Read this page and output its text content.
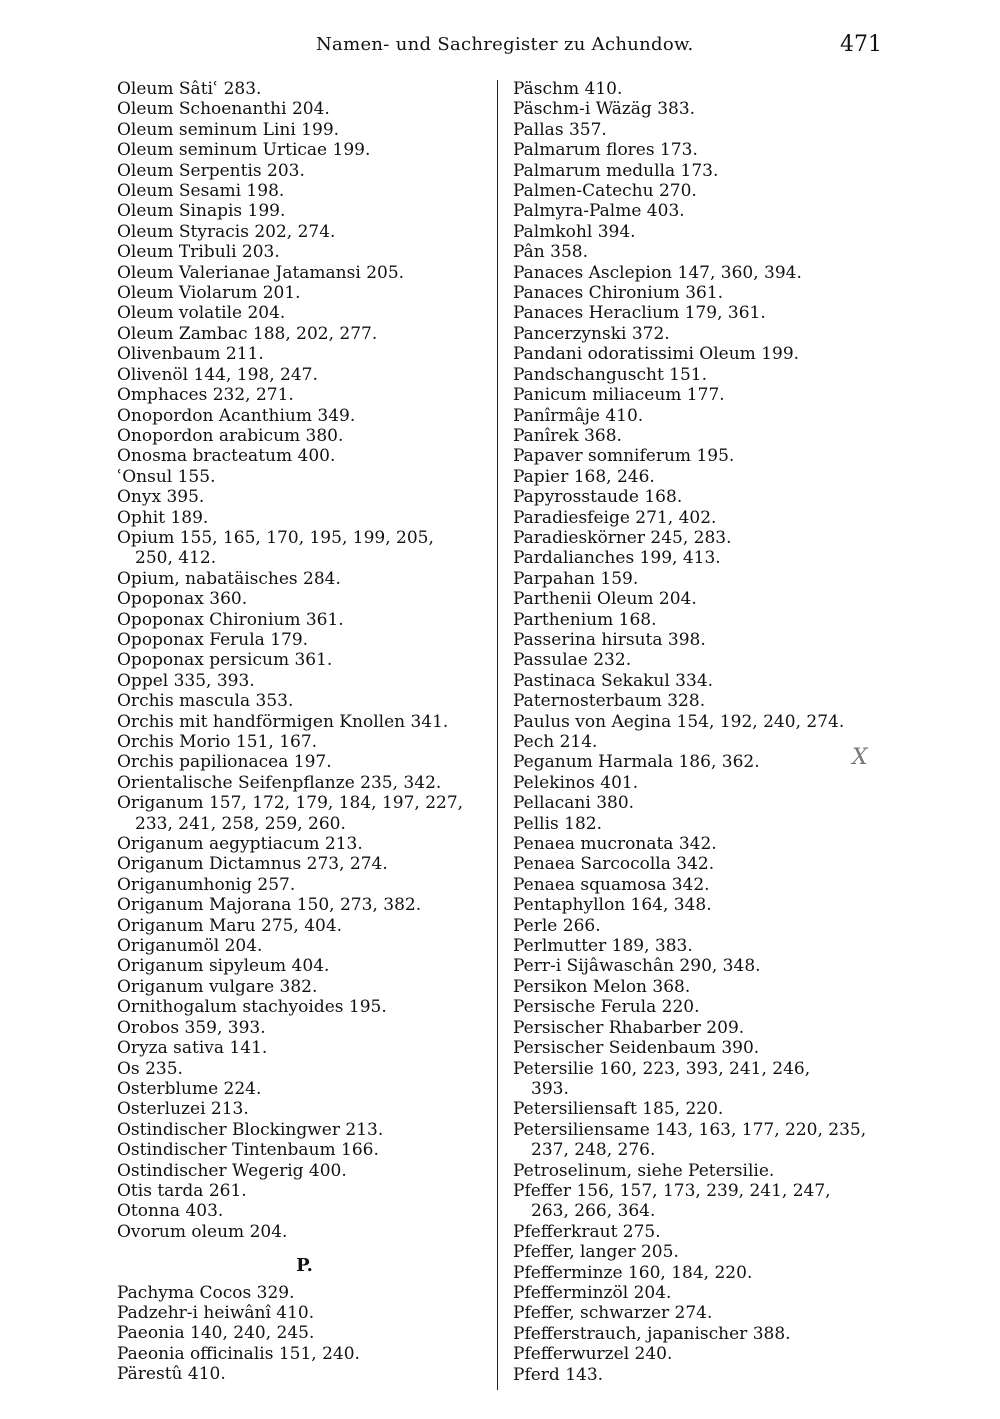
Namen- und Sachregister zu Achundow.	471
Oleum Sâtiʿ 283.
Oleum Schoenanthi 204.
Oleum seminum Lini 199.
Oleum seminum Urticae 199.
Oleum Serpentis 203.
Oleum Sesami 198.
Oleum Sinapis 199.
Oleum Styracis 202, 274.
Oleum Tribuli 203.
Oleum Valerianae Jatamansi 205.
Oleum Violarum 201.
Oleum volatile 204.
Oleum Zambac 188, 202, 277.
Olivenbaum 211.
Olivenöl 144, 198, 247.
Omphaces 232, 271.
Onopordon Acanthium 349.
Onopordon arabicum 380.
Onosma bracteatum 400.
ʿOnsul 155.
Onyx 395.
Ophit 189.
Opium 155, 165, 170, 195, 199, 205,
250, 412.
Opium, nabatäisches 284.
Opoponax 360.
Opoponax Chironium 361.
Opoponax Ferula 179.
Opoponax persicum 361.
Oppel 335, 393.
Orchis mascula 353.
Orchis mit handförmigen Knollen 341.
Orchis Morio 151, 167.
Orchis papilionacea 197.
Orientalische Seifenpflanze 235, 342.
Origanum 157, 172, 179, 184, 197, 227,
233, 241, 258, 259, 260.
Origanum aegyptiacum 213.
Origanum Dictamnus 273, 274.
Origanumhonig 257.
Origanum Majorana 150, 273, 382.
Origanum Maru 275, 404.
Origanumöl 204.
Origanum sipyleum 404.
Origanum vulgare 382.
Ornithogalum stachyoides 195.
Orobos 359, 393.
Oryza sativa 141.
Os 235.
Osterblume 224.
Osterluzei 213.
Ostindischer Blockingwer 213.
Ostindischer Tintenbaum 166.
Ostindischer Wegerig 400.
Otis tarda 261.
Otonna 403.
Ovorum oleum 204.
P.
Pachyma Cocos 329.
Padzehr-i heiwânî 410.
Paeonia 140, 240, 245.
Paeonia officinalis 151, 240.
Pärestû 410.
Päschm 410.
Päschm-i Wäzäg 383.
Pallas 357.
Palmarum flores 173.
Palmarum medulla 173.
Palmen-Catechu 270.
Palmyra-Palme 403.
Palmkohl 394.
Pân 358.
Panaces Asclepion 147, 360, 394.
Panaces Chironium 361.
Panaces Heraclium 179, 361.
Pancerzynski 372.
Pandani odoratissimi Oleum 199.
Pandschanguscht 151.
Panicum miliaceum 177.
Panîrmâje 410.
Panîrek 368.
Papaver somniferum 195.
Papier 168, 246.
Papyrosstaude 168.
Paradiesfeige 271, 402.
Paradieskörner 245, 283.
Pardalianches 199, 413.
Parpahan 159.
Parthenii Oleum 204.
Parthenium 168.
Passerina hirsuta 398.
Passulae 232.
Pastinaca Sekakul 334.
Paternosterbaum 328.
Paulus von Aegina 154, 192, 240, 274.
Pech 214.
Peganum Harmala 186, 362.
Pelekinos 401.
Pellacani 380.
Pellis 182.
Penaea mucronata 342.
Penaea Sarcocolla 342.
Penaea squamosa 342.
Pentaphyllon 164, 348.
Perle 266.
Perlmutter 189, 383.
Perr-i Sijâwaschân 290, 348.
Persikon Melon 368.
Persische Ferula 220.
Persischer Rhabarber 209.
Persischer Seidenbaum 390.
Petersilie 160, 223, 393, 241, 246,
393.
Petersiliensaft 185, 220.
Petersiliensame 143, 163, 177, 220, 235,
237, 248, 276.
Petroselinum, siehe Petersilie.
Pfeffer 156, 157, 173, 239, 241, 247,
263, 266, 364.
Pfefferkraut 275.
Pfeffer, langer 205.
Pfefferminze 160, 184, 220.
Pfefferminzöl 204.
Pfeffer, schwarzer 274.
Pfefferstrauch, japanischer 388.
Pfefferwurzel 240.
Pferd 143.
X
